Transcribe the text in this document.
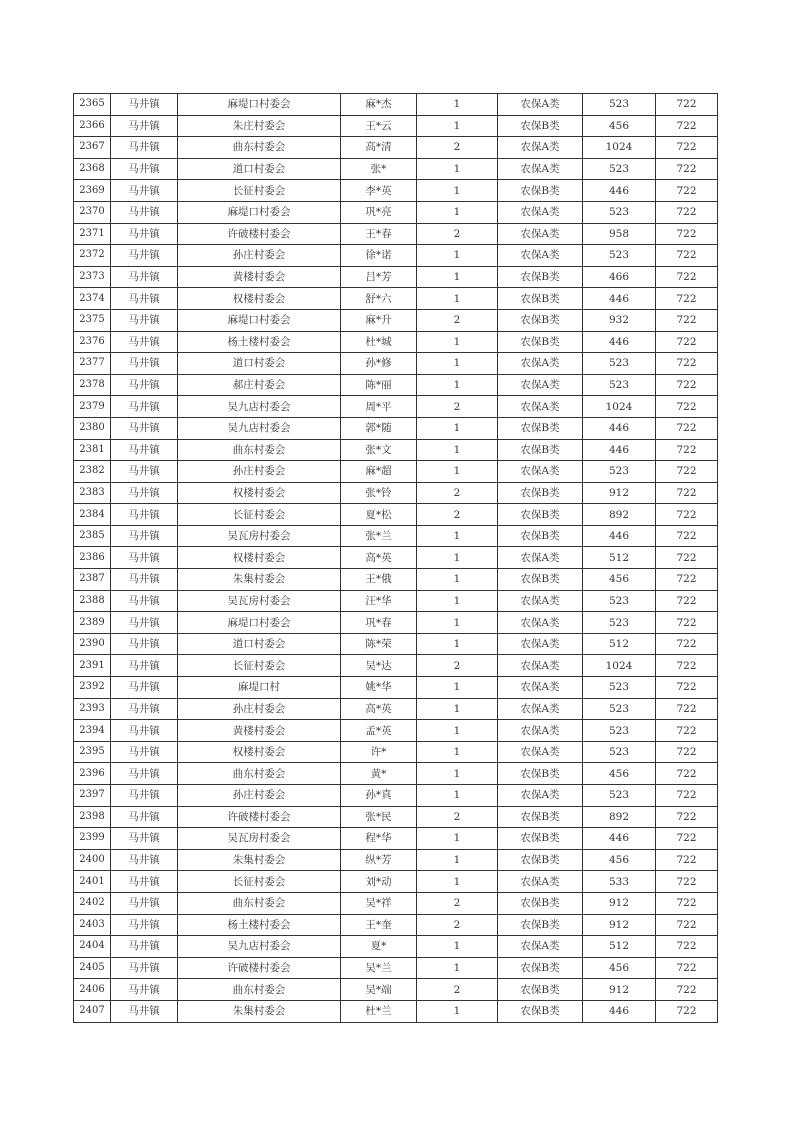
2365	马井镇	麻堤口村委会	麻*杰	1	农保A类	523	722
2366	马井镇	朱庄村委会	王*云	1	农保B类	456	722
2367	马井镇	曲东村委会	高*清	2	农保A类	1024	722
2368	马井镇	道口村委会	张*	1	农保A类	523	722
2369	马井镇	长征村委会	李*英	1	农保B类	446	722
2370	马井镇	麻堤口村委会	巩*亮	1	农保A类	523	722
2371	马井镇	许破楼村委会	王*春	2	农保A类	958	722
2372	马井镇	孙庄村委会	徐*诺	1	农保A类	523	722
2373	马井镇	黄楼村委会	吕*芳	1	农保B类	466	722
2374	马井镇	权楼村委会	舒*六	1	农保B类	446	722
2375	马井镇	麻堤口村委会	麻*升	2	农保B类	932	722
2376	马井镇	杨土楼村委会	杜*城	1	农保B类	446	722
2377	马井镇	道口村委会	孙*修	1	农保A类	523	722
2378	马井镇	郝庄村委会	陈*丽	1	农保A类	523	722
2379	马井镇	吴九店村委会	周*平	2	农保A类	1024	722
2380	马井镇	吴九店村委会	郭*随	1	农保B类	446	722
2381	马井镇	曲东村委会	张*文	1	农保B类	446	722
2382	马井镇	孙庄村委会	麻*超	1	农保A类	523	722
2383	马井镇	权楼村委会	张*铃	2	农保B类	912	722
2384	马井镇	长征村委会	夏*松	2	农保B类	892	722
2385	马井镇	吴瓦房村委会	张*兰	1	农保B类	446	722
2386	马井镇	权楼村委会	高*英	1	农保A类	512	722
2387	马井镇	朱集村委会	王*俄	1	农保B类	456	722
2388	马井镇	吴瓦房村委会	汪*华	1	农保A类	523	722
2389	马井镇	麻堤口村委会	巩*春	1	农保A类	523	722
2390	马井镇	道口村委会	陈*荣	1	农保A类	512	722
2391	马井镇	长征村委会	吴*达	2	农保A类	1024	722
2392	马井镇	麻堤口村	姚*华	1	农保A类	523	722
2393	马井镇	孙庄村委会	高*英	1	农保A类	523	722
2394	马井镇	黄楼村委会	孟*英	1	农保A类	523	722
2395	马井镇	权楼村委会	许*	1	农保A类	523	722
2396	马井镇	曲东村委会	黄*	1	农保B类	456	722
2397	马井镇	孙庄村委会	孙*真	1	农保A类	523	722
2398	马井镇	许破楼村委会	张*民	2	农保B类	892	722
2399	马井镇	吴瓦房村委会	程*华	1	农保B类	446	722
2400	马井镇	朱集村委会	纵*芳	1	农保B类	456	722
2401	马井镇	长征村委会	刘*动	1	农保A类	533	722
2402	马井镇	曲东村委会	吴*祥	2	农保B类	912	722
2403	马井镇	杨土楼村委会	王*奎	2	农保B类	912	722
2404	马井镇	吴九店村委会	夏*	1	农保A类	512	722
2405	马井镇	许破楼村委会	吴*兰	1	农保B类	456	722
2406	马井镇	曲东村委会	吴*端	2	农保B类	912	722
2407	马井镇	朱集村委会	杜*兰	1	农保B类	446	722
